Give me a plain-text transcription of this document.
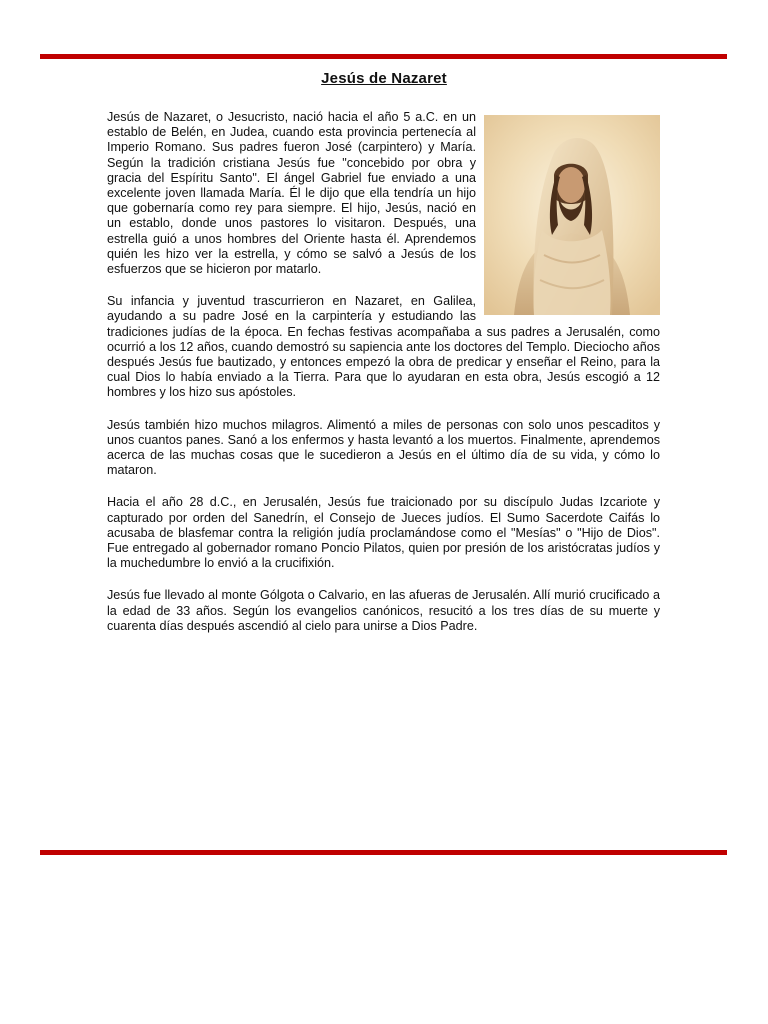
Jesús de Nazaret

Jesús de Nazaret, o Jesucristo, nació hacia el año 5 a.C. en un establo de Belén, en Judea, cuando esta provincia pertenecía al Imperio Romano. Sus padres fueron José (carpintero) y María. Según la tradición cristiana Jesús fue "concebido por obra y gracia del Espíritu Santo". El ángel Gabriel fue enviado a una excelente joven llamada María. Él le dijo que ella tendría un hijo que gobernaría como rey para siempre. El hijo, Jesús, nació en un establo, donde unos pastores lo visitaron. Después, una estrella guió a unos hombres del Oriente hasta él. Aprendemos quién les hizo ver la estrella, y cómo se salvó a Jesús de los esfuerzos que se hicieron por matarlo.

Su infancia y juventud trascurrieron en Nazaret, en Galilea, ayudando a su padre José en la carpintería y estudiando las tradiciones judías de la época. En fechas festivas acompañaba a sus padres a Jerusalén, como ocurrió a los 12 años, cuando demostró su sapiencia ante los doctores del Templo. Dieciocho años después Jesús fue bautizado, y entonces empezó la obra de predicar y enseñar el Reino, para la cual Dios lo había enviado a la Tierra. Para que lo ayudaran en esta obra, Jesús escogió a 12 hombres y los hizo sus apóstoles.

Jesús también hizo muchos milagros. Alimentó a miles de personas con solo unos pescaditos y unos cuantos panes. Sanó a los enfermos y hasta levantó a los muertos. Finalmente, aprendemos acerca de las muchas cosas que le sucedieron a Jesús en el último día de su vida, y cómo lo mataron.

Hacia el año 28 d.C., en Jerusalén, Jesús fue traicionado por su discípulo Judas Izcariote y capturado por orden del Sanedrín, el Consejo de Jueces judíos. El Sumo Sacerdote Caifás lo acusaba de blasfemar contra la religión judía proclamándose como el "Mesías" o "Hijo de Dios". Fue entregado al gobernador romano Poncio Pilatos, quien por presión de los aristócratas judíos y la muchedumbre lo envió a la crucifixión.

Jesús fue llevado al monte Gólgota o Calvario, en las afueras de Jerusalén. Allí murió crucificado a la edad de 33 años. Según los evangelios canónicos, resucitó a los tres días de su muerte y cuarenta días después ascendió al cielo para unirse a Dios Padre.
